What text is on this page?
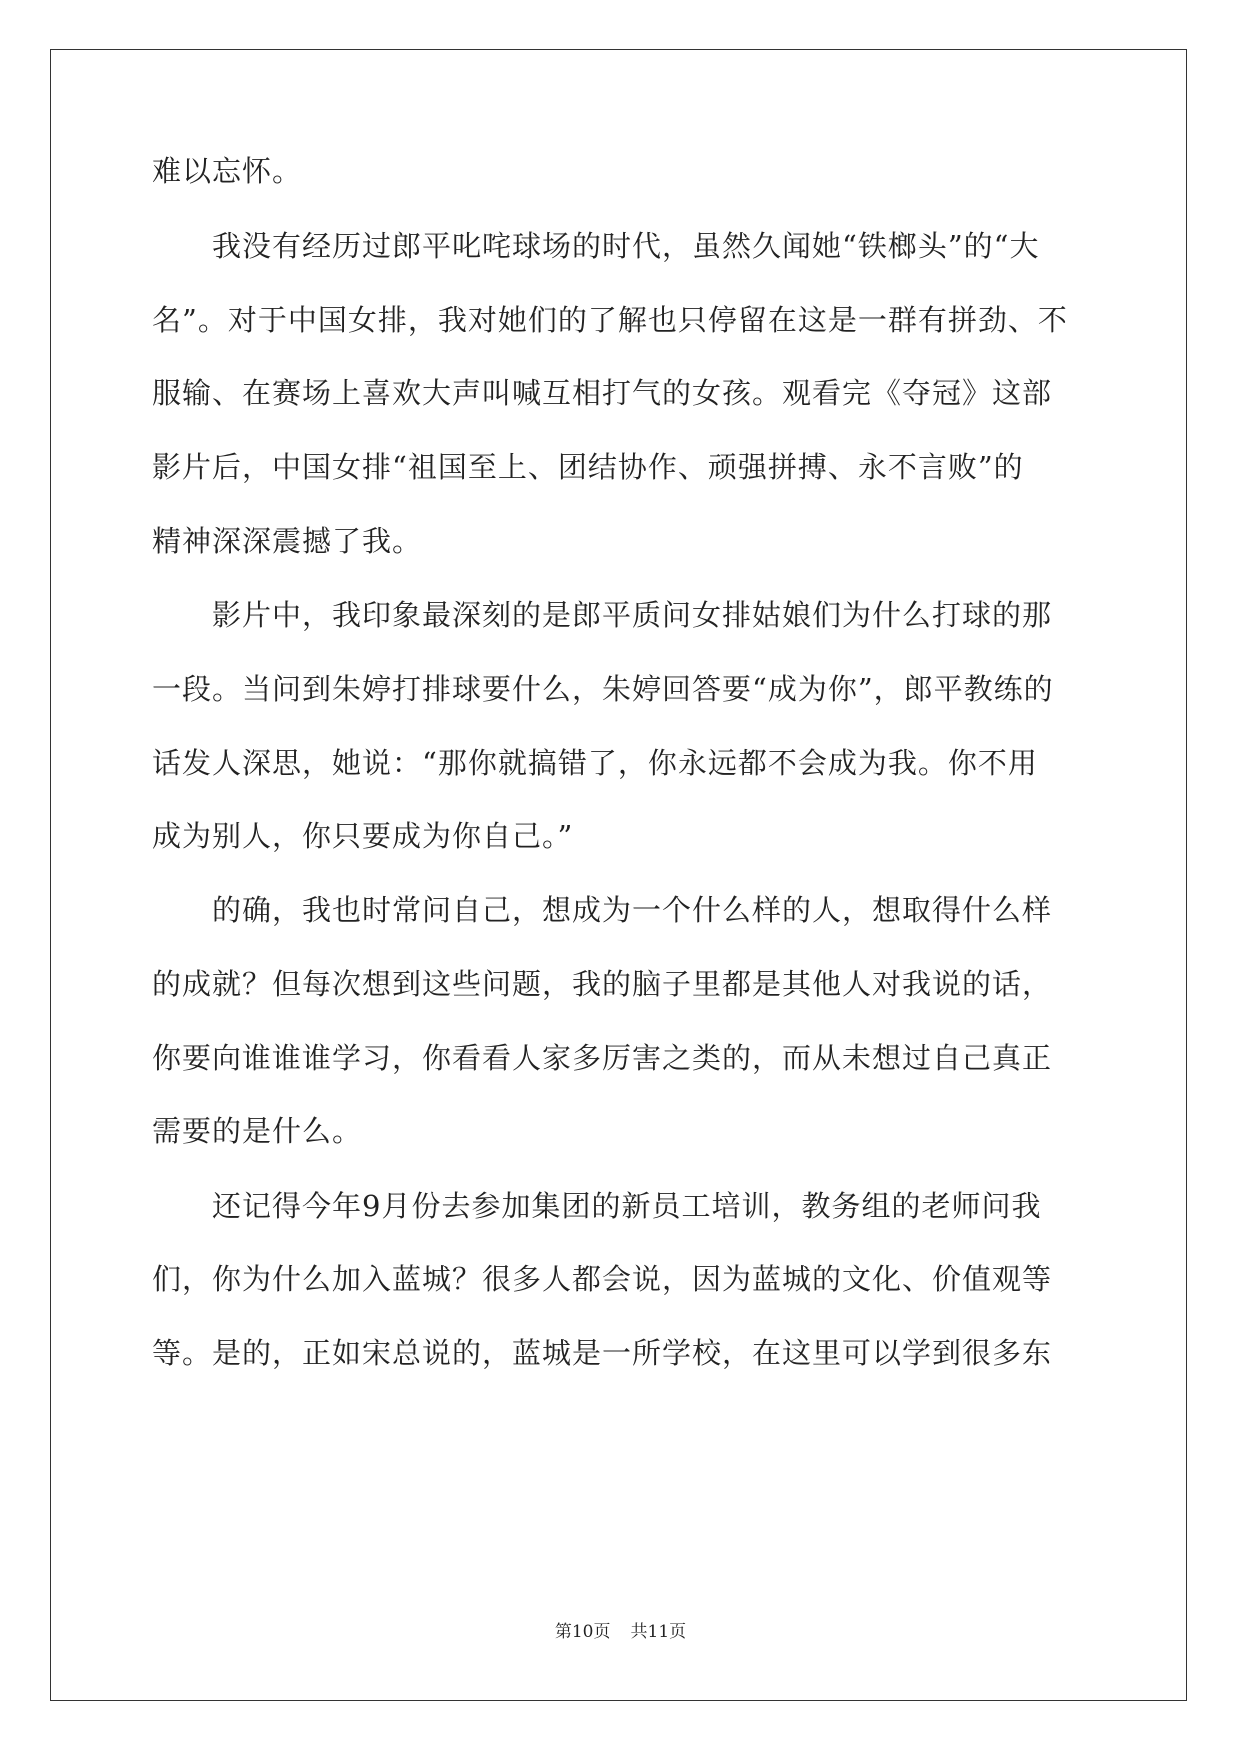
难以忘怀。
　　我没有经历过郎平叱咤球场的时代，虽然久闻她“铁榔头”的“大
名”。对于中国女排，我对她们的了解也只停留在这是一群有拼劲、不
服输、在赛场上喜欢大声叫喊互相打气的女孩。观看完《夺冠》这部
影片后，中国女排“祖国至上、团结协作、顽强拼搏、永不言败”的
精神深深震撼了我。
　　影片中，我印象最深刻的是郎平质问女排姑娘们为什么打球的那
一段。当问到朱婷打排球要什么，朱婷回答要“成为你”，郎平教练的
话发人深思，她说：“那你就搞错了，你永远都不会成为我。你不用
成为别人，你只要成为你自己。”
　　的确，我也时常问自己，想成为一个什么样的人，想取得什么样
的成就？但每次想到这些问题，我的脑子里都是其他人对我说的话，
你要向谁谁谁学习，你看看人家多厉害之类的，而从未想过自己真正
需要的是什么。
　　还记得今年9月份去参加集团的新员工培训，教务组的老师问我
们，你为什么加入蓝城？很多人都会说，因为蓝城的文化、价值观等
等。是的，正如宋总说的，蓝城是一所学校，在这里可以学到很多东
第10页 共11页
